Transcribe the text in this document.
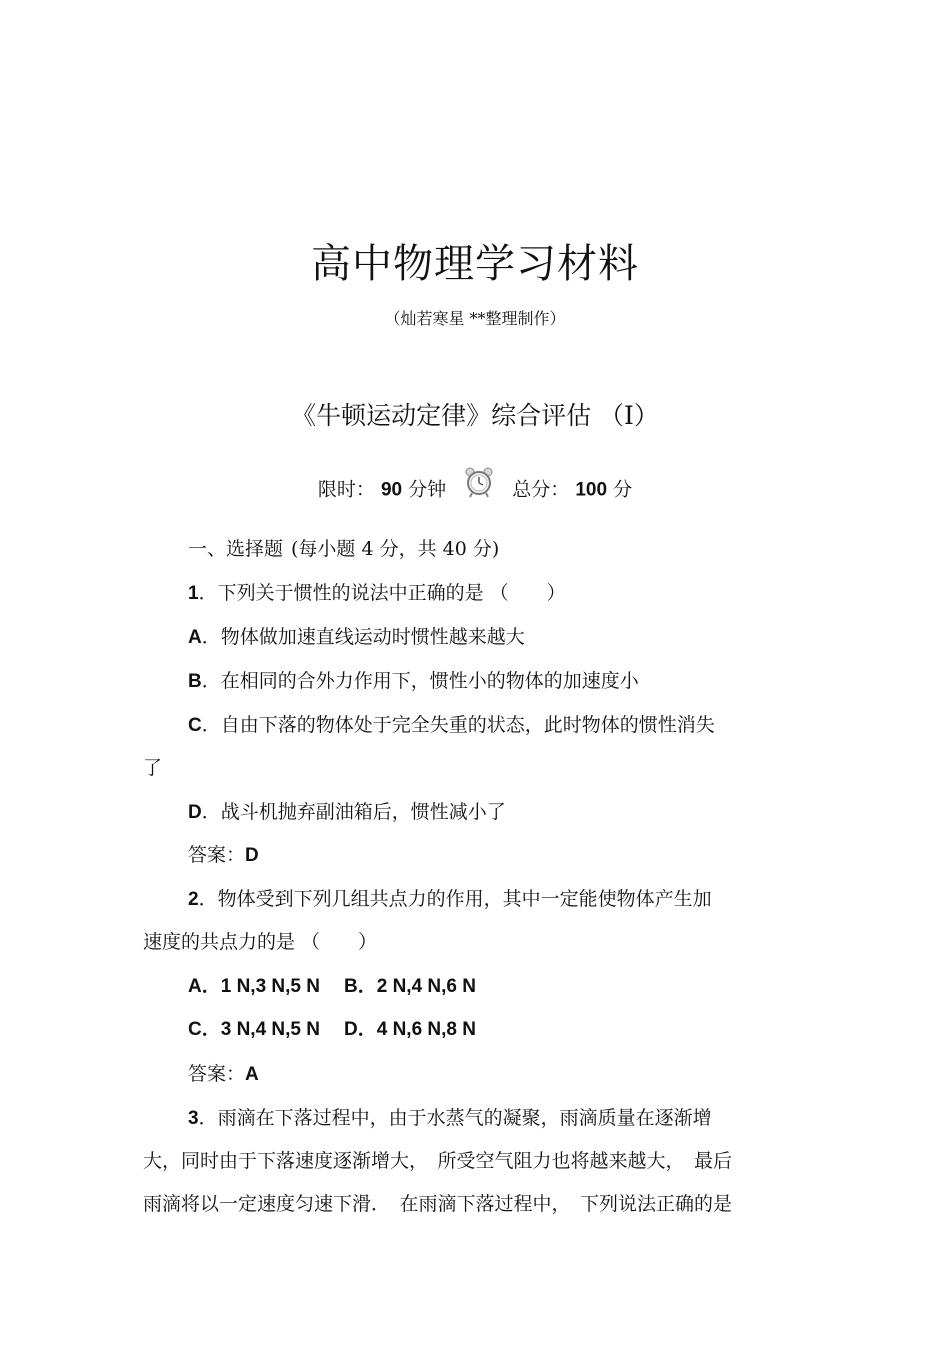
高中物理学习材料
（灿若寒星 **整理制作）
《牛顿运动定律》综合评估 （Ⅰ）
限时： 90 分钟	总分： 100 分
一、选择题 (每小题 4 分，共 40 分)
1．下列关于惯性的说法中正确的是 （　　）
A．物体做加速直线运动时惯性越来越大
B．在相同的合外力作用下，惯性小的物体的加速度小
C．自由下落的物体处于完全失重的状态，此时物体的惯性消失
了
D．战斗机抛弃副油箱后，惯性减小了
答案：D
2．物体受到下列几组共点力的作用，其中一定能使物体产生加
速度的共点力的是 （　　）
A．1 N,3 N,5 N B．2 N,4 N,6 N
C．3 N,4 N,5 N D．4 N,6 N,8 N
答案：A
3．雨滴在下落过程中，由于水蒸气的凝聚，雨滴质量在逐渐增
大，同时由于下落速度逐渐增大，　所受空气阻力也将越来越大，　最后
雨滴将以一定速度匀速下滑．　在雨滴下落过程中，　下列说法正确的是
